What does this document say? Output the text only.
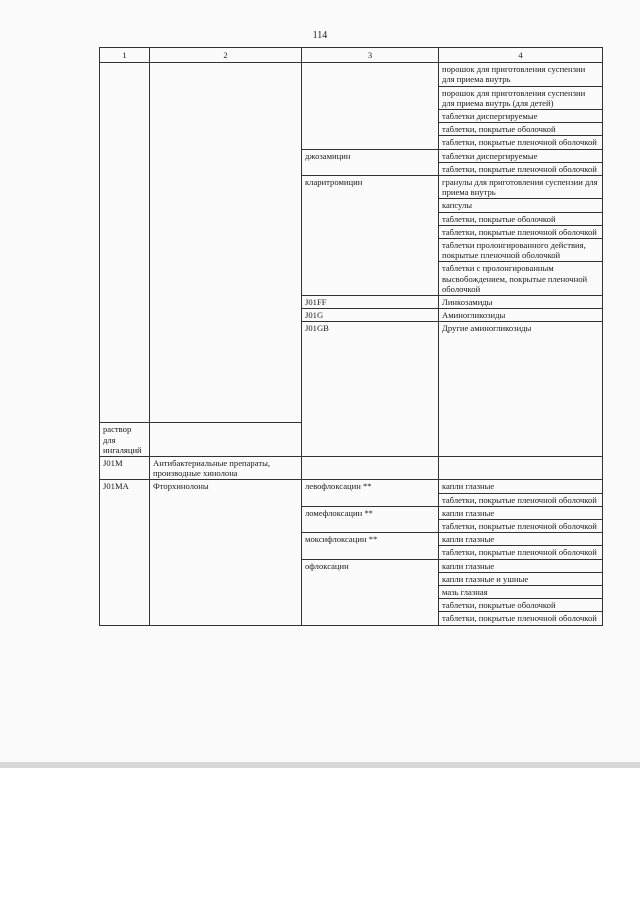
114
1	2	3	4	
			порошок для приготовления суспензии для приема внутрь	
			порошок для приготовления суспензии для приема внутрь (для детей)	
			таблетки диспергируемые	
			таблетки, покрытые оболочкой	
			таблетки, покрытые пленочной оболочкой	
		джозамицин	таблетки диспергируемые	
			таблетки, покрытые пленочной оболочкой	
		кларитромицин	гранулы для приготовления суспензии для приема внутрь	
			капсулы	
			таблетки, покрытые оболочкой	
			таблетки, покрытые пленочной оболочкой	
			таблетки пролонгированного действия, покрытые пленочной оболочкой	
			таблетки с пролонгированным высвобождением, покрытые пленочной оболочкой	
		J01FF	Линкозамиды		
		J01G	Аминогликозиды		
		J01GB	Другие аминогликозиды		

раствор для ингаляций				
J01M	Антибактериальные препараты, производные хинолона			
J01MA	Фторхинолоны	левофлоксацин **	капли глазные	
			таблетки, покрытые пленочной оболочкой	
		ломефлоксацин **	капли глазные	
			таблетки, покрытые пленочной оболочкой	
		моксифлоксацин **	капли глазные	
			таблетки, покрытые пленочной оболочкой	
		офлоксацин	капли глазные	
			капли глазные и ушные	
			мазь глазная	
			таблетки, покрытые оболочкой	
			таблетки, покрытые пленочной оболочкой	
